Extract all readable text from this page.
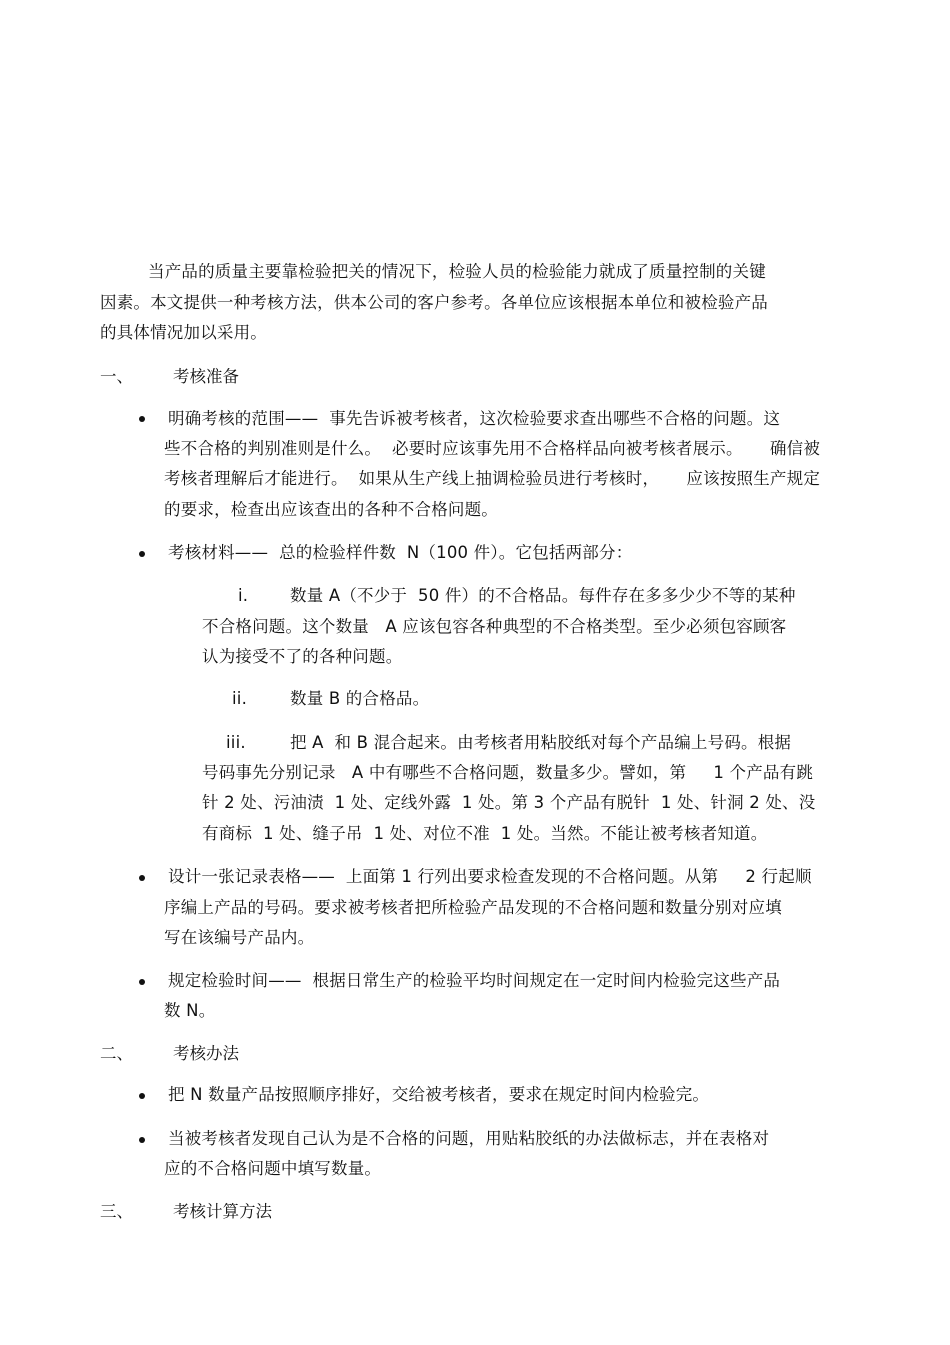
当产品的质量主要靠检验把关的情况下，检验人员的检验能力就成了质量控制的关键
因素。本文提供一种考核方法，供本公司的客户参考。各单位应该根据本单位和被检验产品
的具体情况加以采用。
一、 考核准备
明确考核的范围——  事先告诉被考核者，这次检验要求查出哪些不合格的问题。这
些不合格的判别准则是什么。  必要时应该事先用不合格样品向被考核者展示。     确信被
考核者理解后才能进行。  如果从生产线上抽调检验员进行考核时，     应该按照生产规定
的要求，检查出应该查出的各种不合格问题。
考核材料——  总的检验样件数  N（100 件）。它包括两部分：
i.	数量 A（不少于  50 件）的不合格品。每件存在多多少少不等的某种
不合格问题。这个数量   A 应该包容各种典型的不合格类型。至少必须包容顾客
认为接受不了的各种问题。
ii.	数量 B 的合格品。
iii.	把 A  和 B 混合起来。由考核者用粘胶纸对每个产品编上号码。根据
号码事先分别记录   A 中有哪些不合格问题，数量多少。譬如，第     1 个产品有跳
针 2 处、污油渍  1 处、定线外露  1 处。第 3 个产品有脱针  1 处、针洞 2 处、没
有商标  1 处、缝子吊  1 处、对位不准  1 处。当然。不能让被考核者知道。
设计一张记录表格——  上面第 1 行列出要求检查发现的不合格问题。从第     2 行起顺
序编上产品的号码。要求被考核者把所检验产品发现的不合格问题和数量分别对应填
写在该编号产品内。
规定检验时间——  根据日常生产的检验平均时间规定在一定时间内检验完这些产品
数 N。
二、 考核办法
把 N 数量产品按照顺序排好，交给被考核者，要求在规定时间内检验完。
当被考核者发现自己认为是不合格的问题，用贴粘胶纸的办法做标志，并在表格对
应的不合格问题中填写数量。
三、 考核计算方法
